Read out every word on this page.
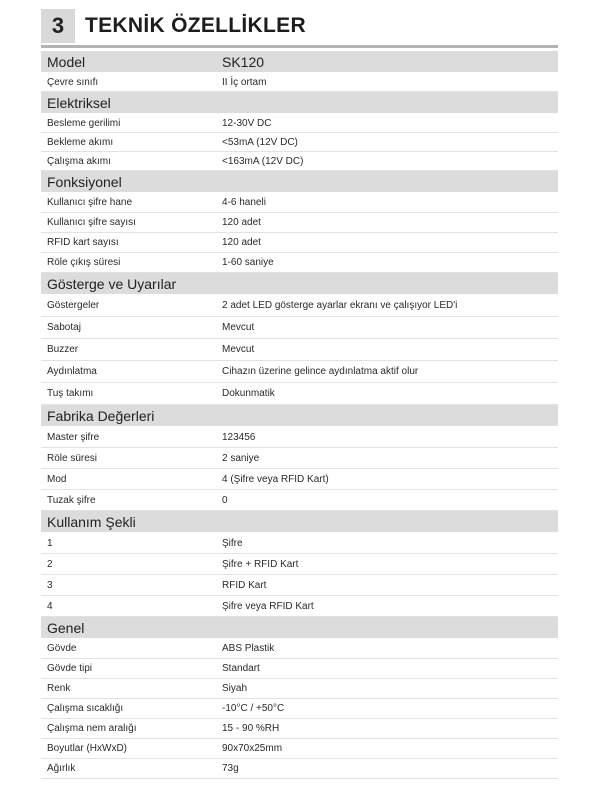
3 TEKNİK ÖZELLİKLER
Model	SK120
Çevre sınıfı	II İç ortam
Elektriksel
Besleme gerilimi	12-30V DC
Bekleme akımı	<53mA (12V DC)
Çalışma akımı	<163mA (12V DC)
Fonksiyonel
Kullanıcı şifre hane	4-6 haneli
Kullanıcı şifre sayısı	120 adet
RFID kart sayısı	120 adet
Röle çıkış süresi	1-60 saniye
Gösterge ve Uyarılar
Göstergeler	2 adet LED gösterge ayarlar ekranı ve çalışıyor LED'i
Sabotaj	Mevcut
Buzzer	Mevcut
Aydınlatma	Cihazın üzerine gelince aydınlatma aktif olur
Tuş takımı	Dokunmatik
Fabrika Değerleri
Master şifre	123456
Röle süresi	2 saniye
Mod	4 (Şifre veya RFID Kart)
Tuzak şifre	0
Kullanım Şekli
1	Şifre
2	Şifre + RFID Kart
3	RFID Kart
4	Şifre veya RFID Kart
Genel
Gövde	ABS Plastik
Gövde tipi	Standart
Renk	Siyah
Çalışma sıcaklığı	-10°C / +50°C
Çalışma nem aralığı	15 - 90 %RH
Boyutlar (HxWxD)	90x70x25mm
Ağırlık	73g
